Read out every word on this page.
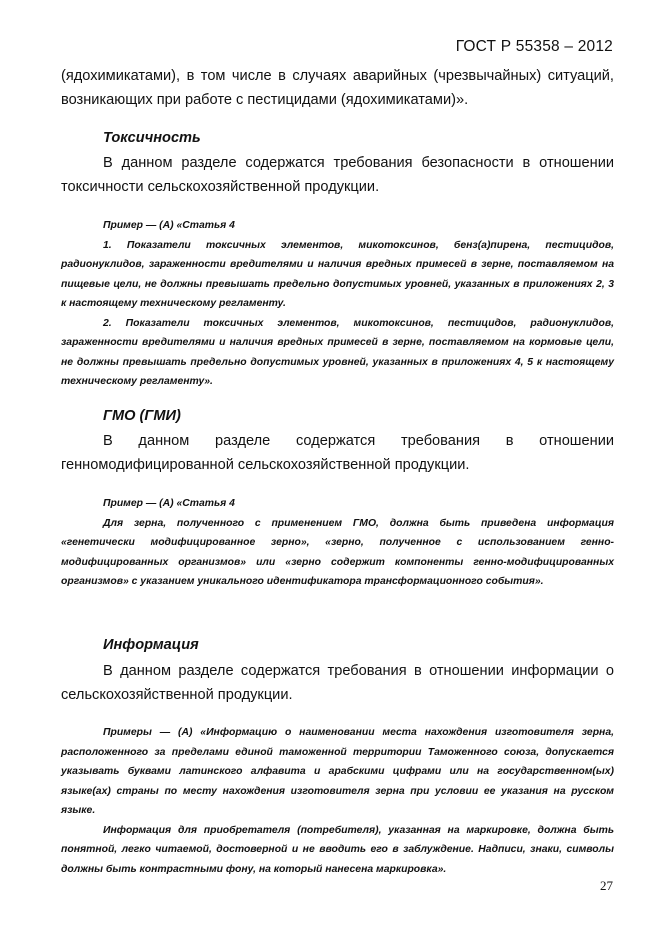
ГОСТ Р 55358 – 2012

(ядохимикатами), в том числе в случаях аварийных (чрезвычайных) ситуаций, возникающих при работе с пестицидами (ядохимикатами)».

Токсичность

В данном разделе содержатся требования безопасности в отношении токсичности сельскохозяйственной продукции.

Пример — (А) «Статья 4

1. Показатели токсичных элементов, микотоксинов, бенз(а)пирена, пестицидов, радионуклидов, зараженности вредителями и наличия вредных примесей в зерне, поставляемом на пищевые цели, не должны превышать предельно допустимых уровней, указанных в приложениях 2, 3 к настоящему техническому регламенту.

2. Показатели токсичных элементов, микотоксинов, пестицидов, радионуклидов, зараженности вредителями и наличия вредных примесей в зерне, поставляемом на кормовые цели, не должны превышать предельно допустимых уровней, указанных в приложениях 4, 5 к настоящему техническому регламенту».

ГМО (ГМИ)

В данном разделе содержатся требования в отношении генномодифицированной сельскохозяйственной продукции.

Пример — (А) «Статья 4

Для зерна, полученного с применением ГМО, должна быть приведена информация «генетически модифицированное зерно», «зерно, полученное с использованием генно-модифицированных организмов» или «зерно содержит компоненты генно-модифицированных организмов» с указанием уникального идентификатора трансформационного события».

Информация

В данном разделе содержатся требования в отношении информации о сельскохозяйственной продукции.

Примеры — (А) «Информацию о наименовании места нахождения изготовителя зерна, расположенного за пределами единой таможенной территории Таможенного союза, допускается указывать буквами латинского алфавита и арабскими цифрами или на государственном(ых) языке(ах) страны по месту нахождения изготовителя зерна при условии ее указания на русском языке.

Информация для приобретателя (потребителя), указанная на маркировке, должна быть понятной, легко читаемой, достоверной и не вводить его в заблуждение. Надписи, знаки, символы должны быть контрастными фону, на который нанесена маркировка».

27
